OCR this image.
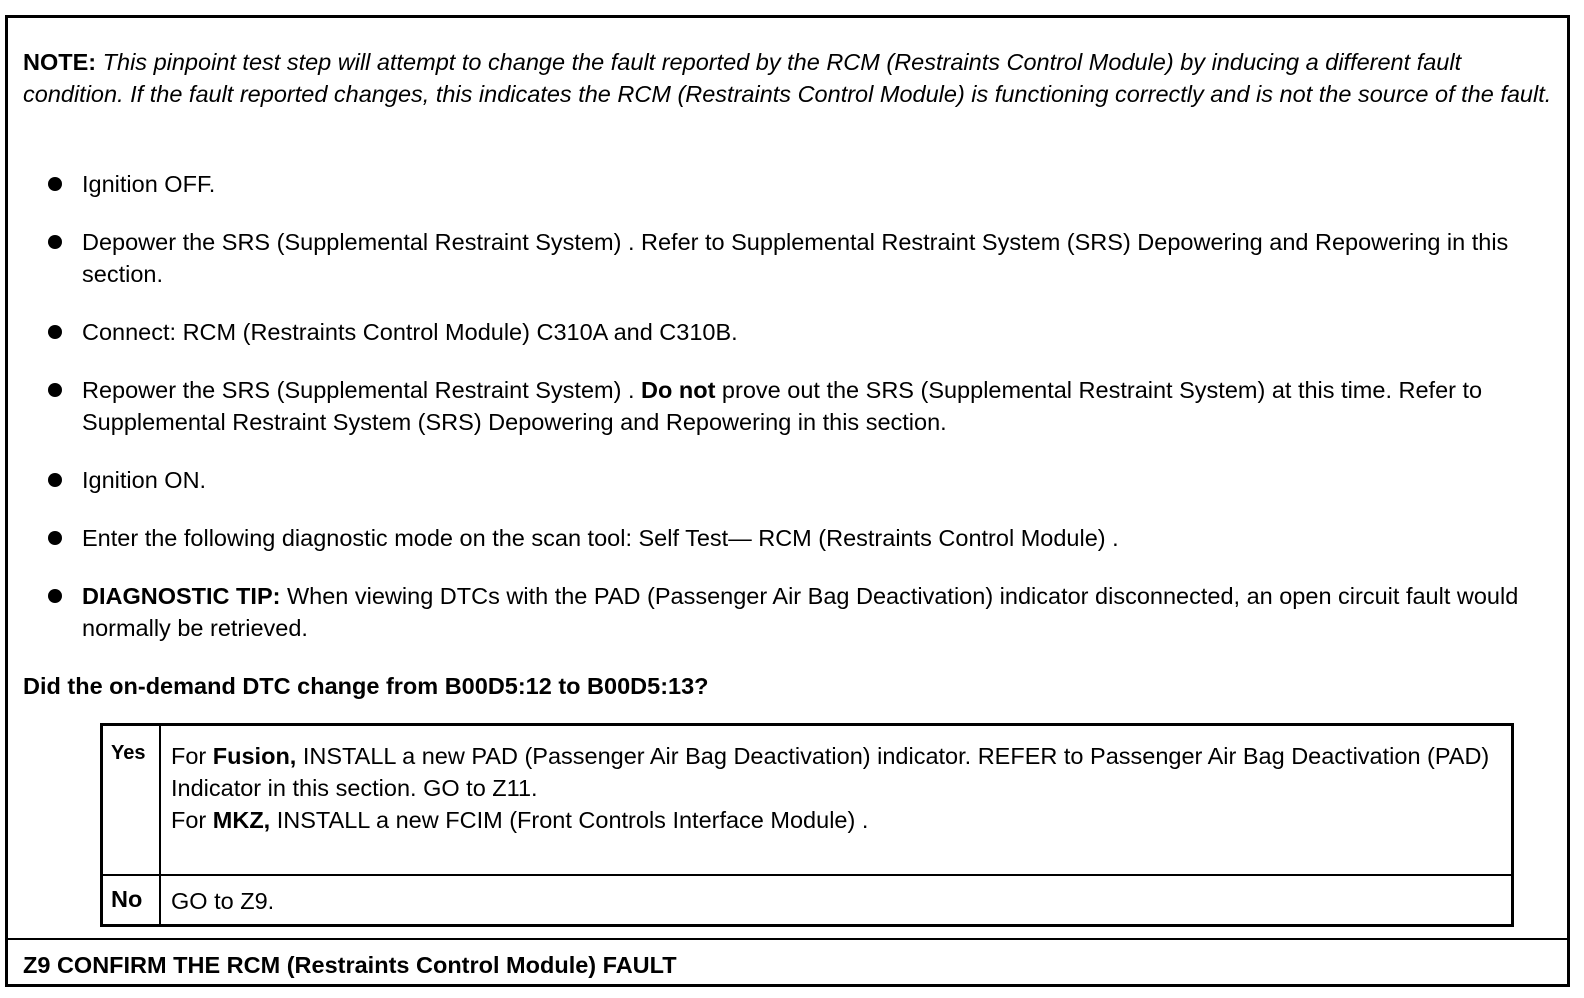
NOTE: This pinpoint test step will attempt to change the fault reported by the RCM (Restraints Control Module) by inducing a different fault condition. If the fault reported changes, this indicates the RCM (Restraints Control Module) is functioning correctly and is not the source of the fault.
Ignition OFF.
Depower the SRS (Supplemental Restraint System) . Refer to Supplemental Restraint System (SRS) Depowering and Repowering in this section.
Connect: RCM (Restraints Control Module) C310A and C310B.
Repower the SRS (Supplemental Restraint System) . Do not prove out the SRS (Supplemental Restraint System) at this time. Refer to Supplemental Restraint System (SRS) Depowering and Repowering in this section.
Ignition ON.
Enter the following diagnostic mode on the scan tool: Self Test— RCM (Restraints Control Module) .
DIAGNOSTIC TIP: When viewing DTCs with the PAD (Passenger Air Bag Deactivation) indicator disconnected, an open circuit fault would normally be retrieved.
Did the on-demand DTC change from B00D5:12 to B00D5:13?
Yes	For Fusion, INSTALL a new PAD (Passenger Air Bag Deactivation) indicator. REFER to Passenger Air Bag Deactivation (PAD) Indicator in this section. GO to Z11.
For MKZ, INSTALL a new FCIM (Front Controls Interface Module) .
No	GO to Z9.
Z9 CONFIRM THE RCM (Restraints Control Module) FAULT
